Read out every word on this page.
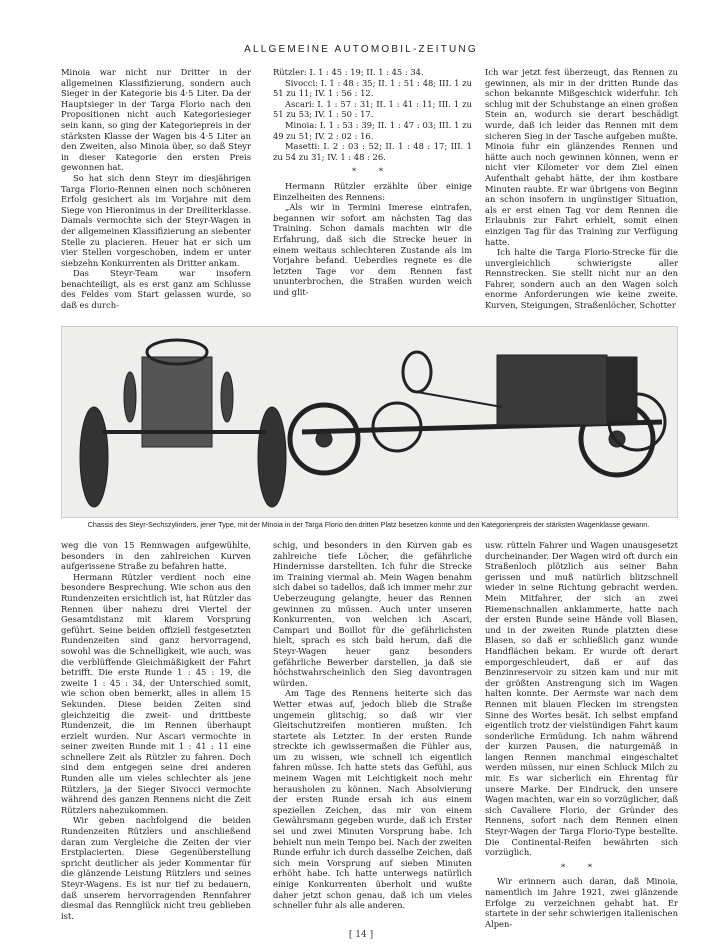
ALLGEMEINE AUTOMOBIL-ZEITUNG

Minoia war nicht nur Dritter in der allgemeinen Klassifizierung, sondern auch Sieger in der Kategorie bis 4·5 Liter. Da der Hauptsieger in der Targa Florio nach den Propositionen nicht auch Kategoriesieger sein kann, so ging der Kategoriepreis in der stärksten Klasse der Wagen bis 4·5 Liter an den Zweiten, also Minoia über, so daß Steyr in dieser Kategorie den ersten Preis gewonnen hat.

So hat sich denn Steyr im diesjährigen Targa Florio-Rennen einen noch schöneren Erfolg gesichert als im Vorjahre mit dem Siege von Hieronimus in der Dreiliterklasse. Damals vermochte sich der Steyr-Wagen in der allgemeinen Klassifizierung an siebenter Stelle zu placieren. Heuer hat er sich um vier Stellen vorgeschoben, indem er unter siebzehn Konkurrenten als Dritter ankam.

Das Steyr-Team war insofern benachteiligt, als es erst ganz am Schlusse des Feldes vom Start gelassen wurde, so daß es durch-

Rützler: I. 1 : 45 : 19; II. 1 : 45 : 34.

Sivocci: I. 1 : 48 : 35; II. 1 : 51 : 48; III. 1 zu 51 zu 11; IV. 1 : 56 : 12.

Ascari: I. 1 : 57 : 31; II. 1 : 41 : 11; III. 1 zu 51 zu 53; IV. 1 : 50 : 17.

Minoia: I. 1 : 53 : 39; II. 1 : 47 : 03; III. 1 zu 49 zu 51; IV. 2 : 02 : 16.

Masetti: I. 2 : 03 : 52; II. 1 : 48 : 17; III. 1 zu 54 zu 31; IV. 1 : 48 : 26.

* *

Hermann Rützler erzählte über einige Einzelheiten des Rennens:

„Als wir in Termini Imerese eintrafen, begannen wir sofort am nächsten Tag das Training. Schon damals machten wir die Erfahrung, daß sich die Strecke heuer in einem weitaus schlechteren Zustande als im Vorjahre befand. Ueberdies regnete es die letzten Tage vor dem Rennen fast ununterbrochen, die Straßen wurden weich und glit-

Ich war jetzt fest überzeugt, das Rennen zu gewinnen, als mir in der dritten Runde das schon bekannte Mißgeschick widerfuhr. Ich schlug mit der Schubstange an einen großen Stein an, wodurch sie derart beschädigt wurde, daß ich leider das Rennen mit dem sicheren Sieg in der Tasche aufgeben mußte. Minoia fuhr ein glänzendes Rennen und hätte auch noch gewinnen können, wenn er nicht vier Kilometer vor dem Ziel einen Aufenthalt gehabt hätte, der ihm kostbare Minuten raubte. Er war übrigens von Beginn an schon insofern in ungünstiger Situation, als er erst einen Tag vor dem Rennen die Erlaubnis zur Fahrt erhielt, somit einen einzigen Tag für das Training zur Verfügung hatte.

Ich halte die Targa Florio-Strecke für die unvergleichlich schwierigste aller Rennstrecken. Sie stellt nicht nur an den Fahrer, sondern auch an den Wagen solch enorme Anforderungen wie keine zweite. Kurven, Steigungen, Straßenlöcher, Schotter

Chassis des Steyr-Sechszylinders, jener Type, mit der Minoia in der Targa Florio den dritten Platz besetzen konnte und den Kategorienpreis der stärksten Wagenklasse gewann.

weg die von 15 Rennwagen aufgewühlte, besonders in den zahlreichen Kurven aufgerissene Straße zu befahren hatte.

Hermann Rützler verdient noch eine besondere Besprechung. Wie schon aus den Rundenzeiten ersichtlich ist, hat Rützler das Rennen über nahezu drei Viertel der Gesamtdistanz mit klarem Vorsprung geführt. Seine beiden offiziell festgesetzten Rundenzeiten sind ganz hervorragend, sowohl was die Schnelligkeit, wie auch, was die verblüffende Gleichmäßigkeit der Fahrt betrifft. Die erste Runde 1 : 45 : 19, die zweite 1 : 45 : 34, der Unterschied somit, wie schon oben bemerkt, alles in allem 15 Sekunden. Diese beiden Zeiten sind gleichzeitig die zweit- und drittbeste Rundenzeit, die im Rennen überhaupt erzielt wurden. Nur Ascari vermochte in seiner zweiten Runde mit 1 : 41 : 11 eine schnellere Zeit als Rützler zu fahren. Doch sind dem entgegen seine drei anderen Runden alle um vieles schlechter als jene Rützlers, ja der Sieger Sivocci vermochte während des ganzen Rennens nicht die Zeit Rützlers nahezukommen.

Wir geben nachfolgend die beiden Rundenzeiten Rützlers und anschließend daran zum Vergleiche die Zeiten der vier Erstplacierten. Diese Gegenüberstellung spricht deutlicher als jeder Kommentar für die glänzende Leistung Rützlers und seines Steyr-Wagens. Es ist nur tief zu bedauern, daß unserem hervorragenden Rennfahrer diesmal das Rennglück nicht treu geblieben ist.

schig, und besonders in den Kurven gab es zahlreiche tiefe Löcher, die gefährliche Hindernisse darstellten. Ich fuhr die Strecke im Training viermal ab. Mein Wagen benahm sich dabei so tadellos, daß ich immer mehr zur Ueberzeugung gelangte, heuer das Rennen gewinnen zu müssen. Auch unter unseren Konkurrenten, von welchen ich Ascari, Campari und Boillot für die gefährlichsten hielt, sprach es sich bald herum, daß die Steyr-Wagen heuer ganz besonders gefährliche Bewerber darstellen, ja daß sie höchstwahrscheinlich den Sieg davontragen würden.

Am Tage des Rennens heiterte sich das Wetter etwas auf, jedoch blieb die Straße ungemein glitschig, so daß wir vier Gleitschutzreifen montieren mußten. Ich startete als Letzter. In der ersten Runde streckte ich gewissermaßen die Fühler aus, um zu wissen, wie schnell ich eigentlich fahren müsse. Ich hatte stets das Gefühl, aus meinem Wagen mit Leichtigkeit noch mehr herausholen zu können. Nach Absolvierung der ersten Runde ersah ich aus einem speziellen Zeichen, das mir von einem Gewährsmann gegeben wurde, daß ich Erster sei und zwei Minuten Vorsprung habe. Ich behielt nun mein Tempo bei. Nach der zweiten Runde erfuhr ich durch dasselbe Zeichen, daß sich mein Vorsprung auf sieben Minuten erhöht habe. Ich hatte unterwegs natürlich einige Konkurrenten überholt und wußte daher jetzt schon genau, daß ich um vieles schneller fuhr als alle anderen.

usw. rütteln Fahrer und Wagen unausgesetzt durcheinander. Der Wagen wird oft durch ein Straßenloch plötzlich aus seiner Bahn gerissen und muß natürlich blitzschnell wieder in seine Richtung gebracht werden. Mein Mitfahrer, der sich an zwei Riemenschnallen anklammerte, hatte nach der ersten Runde seine Hände voll Blasen, und in der zweiten Runde platzten diese Blasen, so daß er schließlich ganz wunde Handflächen bekam. Er wurde oft derart emporgeschleudert, daß er auf das Benzinreservoir zu sitzen kam und nur mit der größten Anstrengung sich im Wagen halten konnte. Der Aermste war nach dem Rennen mit blauen Flecken im strengsten Sinne des Wortes besät. Ich selbst empfand eigentlich trotz der vielstündigen Fahrt kaum sonderliche Ermüdung. Ich nahm während der kurzen Pausen, die naturgemäß in langen Rennen manchmal eingeschaltet werden müssen, nur einen Schluck Milch zu mir. Es war sicherlich ein Ehrentag für unsere Marke. Der Eindruck, den unsere Wagen machten, war ein so vorzüglicher, daß sich Cavaliere Florio, der Gründer des Rennens, sofort nach dem Rennen einen Steyr-Wagen der Targa Florio-Type bestellte. Die Continental-Reifen bewährten sich vorzüglich.

* *

Wir erinnern auch daran, daß Minoia, namentlich im Jahre 1921, zwei glänzende Erfolge zu verzeichnen gehabt hat. Er startete in der sehr schwierigen italienischen Alpen-

[ 14 ]
